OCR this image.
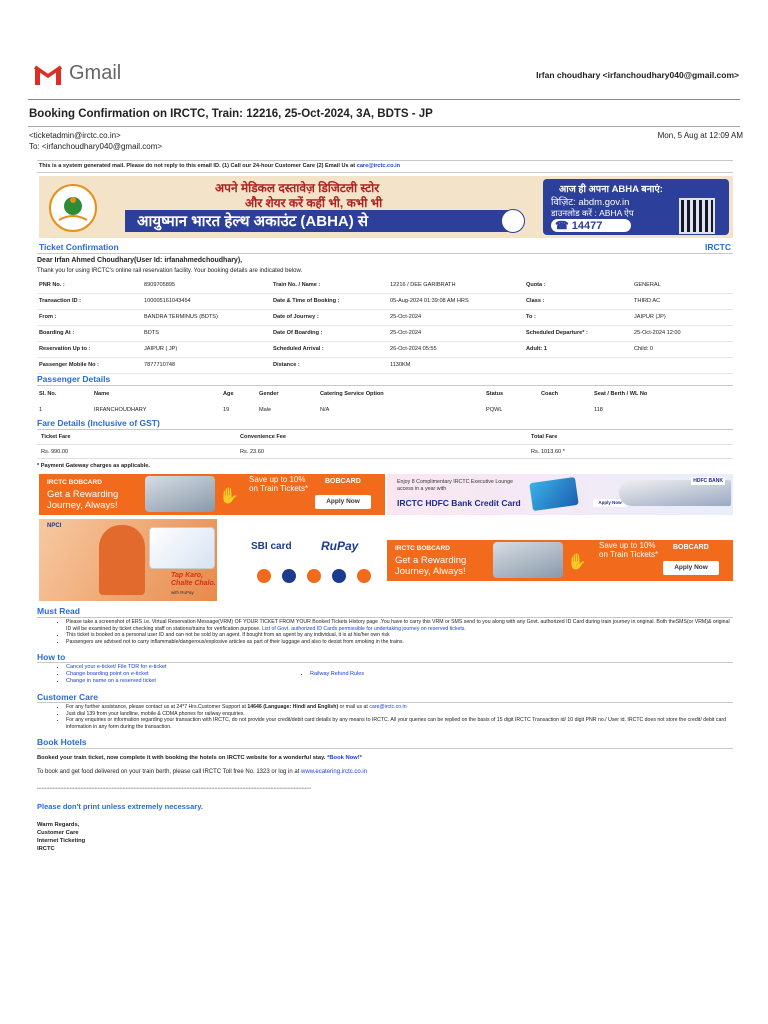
Gmail	Irfan choudhary <irfanchoudhary040@gmail.com>
Booking Confirmation on IRCTC, Train: 12216, 25-Oct-2024, 3A, BDTS - JP
<ticketadmin@irctc.co.in>
To: <irfanchoudhary040@gmail.com>
Mon, 5 Aug at 12:09 AM
This is a system generated mail. Please do not reply to this email ID. (1) Call our 24-hour Customer Care (2) Email Us at care@irctc.co.in
अपने मेडिकल दस्तावेज़ डिजिटली स्टोर
और शेयर करें कहीं भी, कभी भी
आयुष्मान भारत हेल्थ अकाउंट (ABHA) से
आज ही अपना ABHA बनाएं:
विज़िट: abdm.gov.in
डाउनलोड करें : ABHA ऐप
☎ 14477
Ticket Confirmation	IRCTC
Dear Irfan Ahmed Choudhary(User Id: irfanahmedchoudhary),
Thank you for using IRCTC's online rail reservation facility. Your booking details are indicated below.
PNR No. :	8909705895	Train No. / Name :	12216 / DEE GARIBRATH	Quota :	GENERAL
Transaction ID :	100005161043454	Date & Time of Booking :	05-Aug-2024 01:39:08 AM HRS	Class :	THIRD AC
From :	BANDRA TERMINUS (BDTS)	Date of Journey :	25-Oct-2024	To :	JAIPUR (JP)
Boarding At :	BDTS	Date Of Boarding :	25-Oct-2024	Scheduled Departure* :	25-Oct-2024 12:00
Reservation Up to :	JAIPUR ( JP)	Scheduled Arrival :	26-Oct-2024 05:55	Adult: 1	Child: 0
Passenger Mobile No :	7877710748	Distance :	1130KM		
Passenger Details
Sl. No.	Name	Age	Gender	Catering Service Option	Status	Coach	Seat / Berth / WL No
1	IRFANCHOUDHARY	19	Male	N/A	PQWL		118
Fare Details (Inclusive of GST)
Ticket Fare	Convenience Fee	Total Fare
Rs. 990.00	Rs. 23.60	Rs. 1013.60 *
* Payment Gateway charges as applicable.
IRCTC BOBCARD
Get a Rewarding Journey, Always!
✋
Save up to 10% on Train Tickets*
BOBCARD
Apply Now
Enjoy 8 Complimentary IRCTC Executive Lounge access in a year with
IRCTC HDFC Bank Credit Card	Apply Now
HDFC BANK
NPCI
Tap Karo, Chalte Chalo.
with RuPay
SBI card RuPay	IRCTC BOBCARD
Get a Rewarding Journey, Always!
✋
Save up to 10% on Train Tickets*
BOBCARD
Apply Now
Must Read
• Please take a screenshot of ERS i.e. Virtual Reservation Message(VRM) OF YOUR TICKET FROM YOUR Booked Tickets History page .You have to carry this VRM or SMS send to you along with any Govt. authorized ID Card during train journey in original. Both theSMS(or VRM)& original ID will be examined by ticket checking staff on stations/trains for verification purpose. List of Govt. authorized ID Cards permissible for undertaking journey on reserved tickets.
• This ticket is booked on a personal user ID and can not be sold by an agent. If bought from an agent by any individual, it is at his/her own risk
• Passengers are advised not to carry inflammable/dangerous/explosive articles as part of their luggage and also to desist from smoking in the trains.
How to
• Cancel your e-ticket/ File TDR for e-ticket
• Change boarding point on e-ticket
• Change in name on a reserved ticket
• Railway Refund Rules
Customer Care
• For any further assistance, please contact us at 24*7 Hrs.Customer Support at 14646 (Language: Hindi and English) or mail us at care@irctc.co.in
• Just dial 139 from your landline, mobile & CDMA phones for railway enquiries.
• For any enquiries or information regarding your transaction with IRCTC, do not provide your credit/debit card details by any means to IRCTC. All your queries can be replied on the basis of 15 digit IRCTC Transaction id/ 10 digit PNR no./ User id. IRCTC does not store the credit/ debit card information in any form during the transaction.
Book Hotels
Booked your train ticket, now complete it with booking the hotels on IRCTC website for a wonderful stay. *Book Now!*
To book and get food delivered on your train berth, please call IRCTC Toll free No. 1323 or log in at www.ecatering.irctc.co.in
********************************************************************************************************************************************************************************
Please don't print unless extremely necessary.
Warm Regards,
Customer Care
Internet Ticketing
IRCTC
